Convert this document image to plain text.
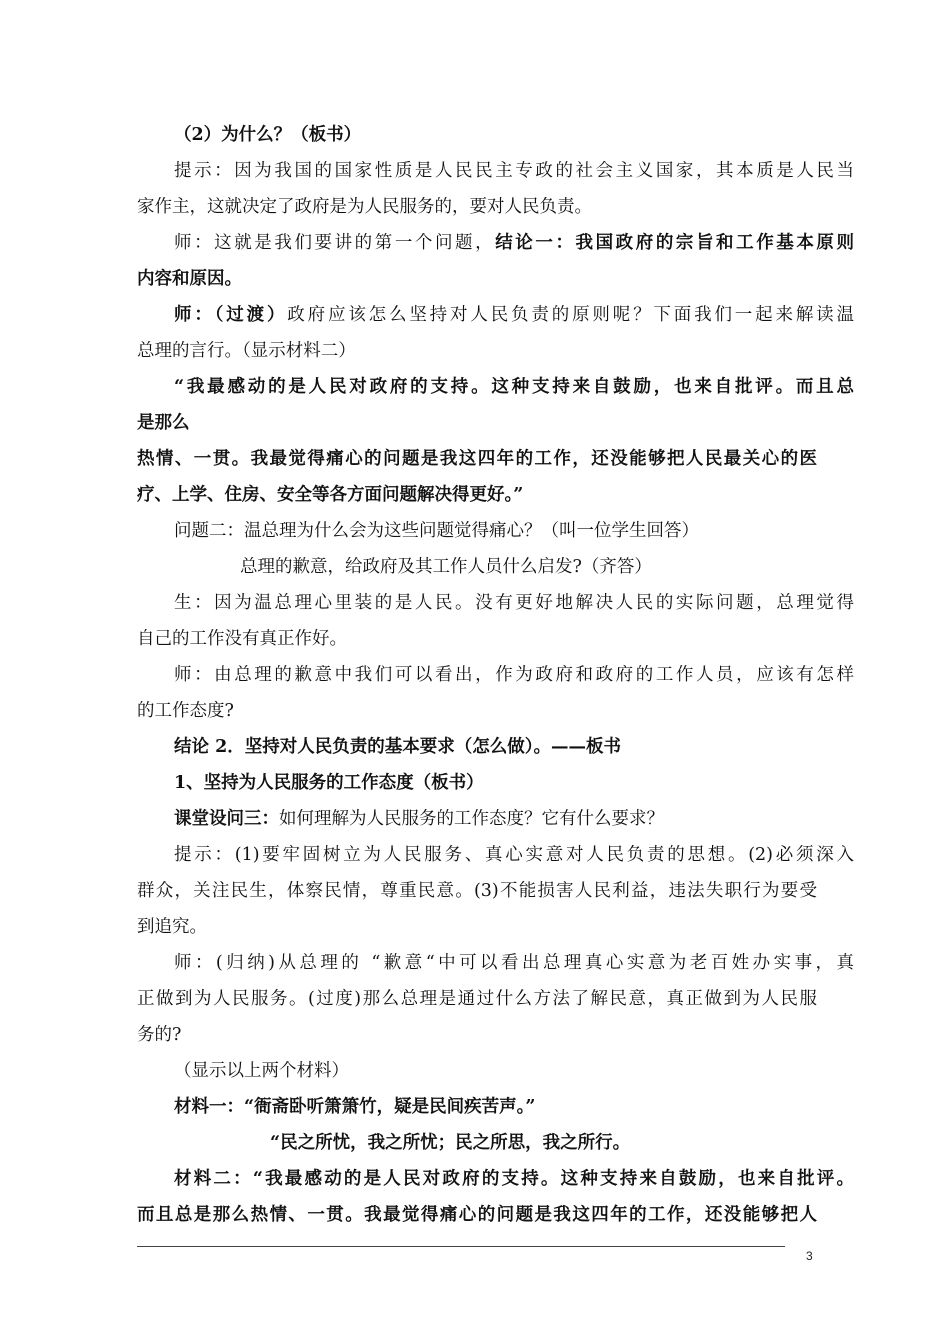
（2）为什么？（板书）
提示：因为我国的国家性质是人民民主专政的社会主义国家，其本质是人民当
家作主，这就决定了政府是为人民服务的，要对人民负责。
师：这就是我们要讲的第一个问题，结论一：我国政府的宗旨和工作基本原则
内容和原因。
师：（过渡）政府应该怎么坚持对人民负责的原则呢？下面我们一起来解读温
总理的言行。（显示材料二）
“我最感动的是人民对政府的支持。这种支持来自鼓励，也来自批评。而且总
是那么
热情、一贯。我最觉得痛心的问题是我这四年的工作，还没能够把人民最关心的医
疗、上学、住房、安全等各方面问题解决得更好。”
问题二：温总理为什么会为这些问题觉得痛心？（叫一位学生回答）
总理的歉意，给政府及其工作人员什么启发?（齐答）
生：因为温总理心里装的是人民。没有更好地解决人民的实际问题，总理觉得
自己的工作没有真正作好。
师：由总理的歉意中我们可以看出，作为政府和政府的工作人员，应该有怎样
的工作态度?
结论 2．坚持对人民负责的基本要求（怎么做）。——板书
1、坚持为人民服务的工作态度（板书）
课堂设问三：如何理解为人民服务的工作态度？它有什么要求？
提示：(1)要牢固树立为人民服务、真心实意对人民负责的思想。(2)必须深入
群众，关注民生，体察民情，尊重民意。(3)不能损害人民利益，违法失职行为要受
到追究。
师：(归纳)从总理的 “歉意“中可以看出总理真心实意为老百姓办实事，真
正做到为人民服务。(过度)那么总理是通过什么方法了解民意，真正做到为人民服
务的?
（显示以上两个材料）
材料一：“衙斋卧听箫箫竹，疑是民间疾苦声。”
“民之所忧，我之所忧；民之所思，我之所行。
材料二：“我最感动的是人民对政府的支持。这种支持来自鼓励，也来自批评。
而且总是那么热情、一贯。我最觉得痛心的问题是我这四年的工作，还没能够把人
3
